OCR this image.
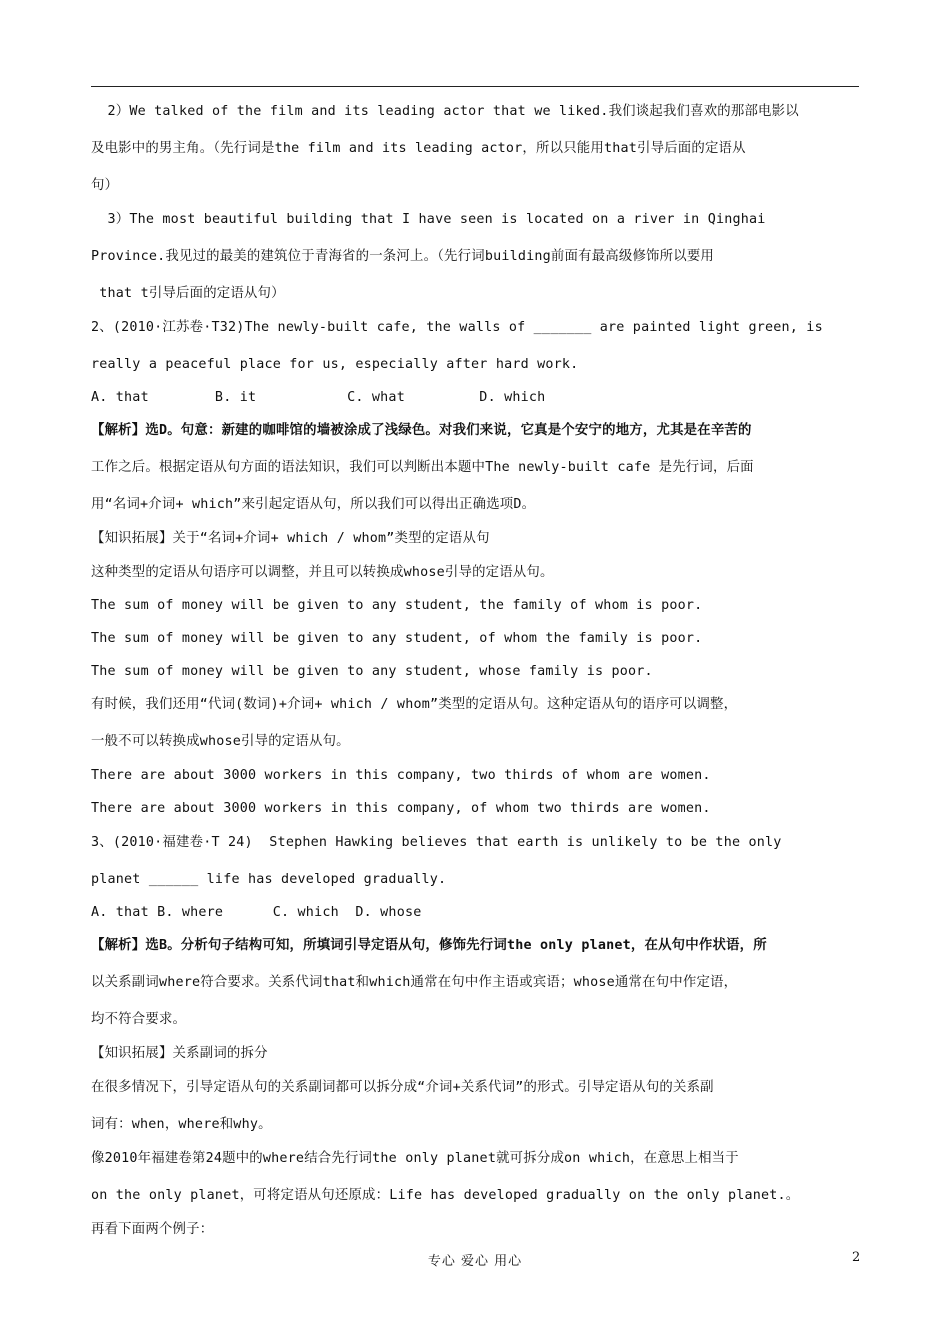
2）We talked of the film and its leading actor that we liked.我们谈起我们喜欢的那部电影以
及电影中的男主角。（先行词是the film and its leading actor，所以只能用that引导后面的定语从
句）
3）The most beautiful building that I have seen is located on a river in Qinghai
Province.我见过的最美的建筑位于青海省的一条河上。（先行词building前面有最高级修饰所以要用
that t引导后面的定语从句）
2、(2010·江苏卷·T32)The newly-built cafe, the walls of _______ are painted light green, is
really a peaceful place for us, especially after hard work.
A. that        B. it           C. what         D. which
【解析】选D。句意：新建的咖啡馆的墙被涂成了浅绿色。对我们来说，它真是个安宁的地方，尤其是在辛苦的
工作之后。根据定语从句方面的语法知识，我们可以判断出本题中The newly-built cafe 是先行词，后面
用“名词+介词+ which”来引起定语从句，所以我们可以得出正确选项D。
【知识拓展】关于“名词+介词+ which / whom”类型的定语从句
这种类型的定语从句语序可以调整，并且可以转换成whose引导的定语从句。
The sum of money will be given to any student, the family of whom is poor.
The sum of money will be given to any student, of whom the family is poor.
The sum of money will be given to any student, whose family is poor.
有时候，我们还用“代词(数词)+介词+ which / whom”类型的定语从句。这种定语从句的语序可以调整，
一般不可以转换成whose引导的定语从句。
There are about 3000 workers in this company, two thirds of whom are women.
There are about 3000 workers in this company, of whom two thirds are women.
3、(2010·福建卷·T 24)  Stephen Hawking believes that earth is unlikely to be the only
planet ______ life has developed gradually.
A. that B. where      C. which  D. whose
【解析】选B。分析句子结构可知，所填词引导定语从句，修饰先行词the only planet，在从句中作状语，所
以关系副词where符合要求。关系代词that和which通常在句中作主语或宾语；whose通常在句中作定语，
均不符合要求。
【知识拓展】关系副词的拆分
在很多情况下，引导定语从句的关系副词都可以拆分成“介词+关系代词”的形式。引导定语从句的关系副
词有：when，where和why。
像2010年福建卷第24题中的where结合先行词the only planet就可拆分成on which，在意思上相当于
on the only planet，可将定语从句还原成：Life has developed gradually on the only planet.。
再看下面两个例子：
专心 爱心 用心	2
